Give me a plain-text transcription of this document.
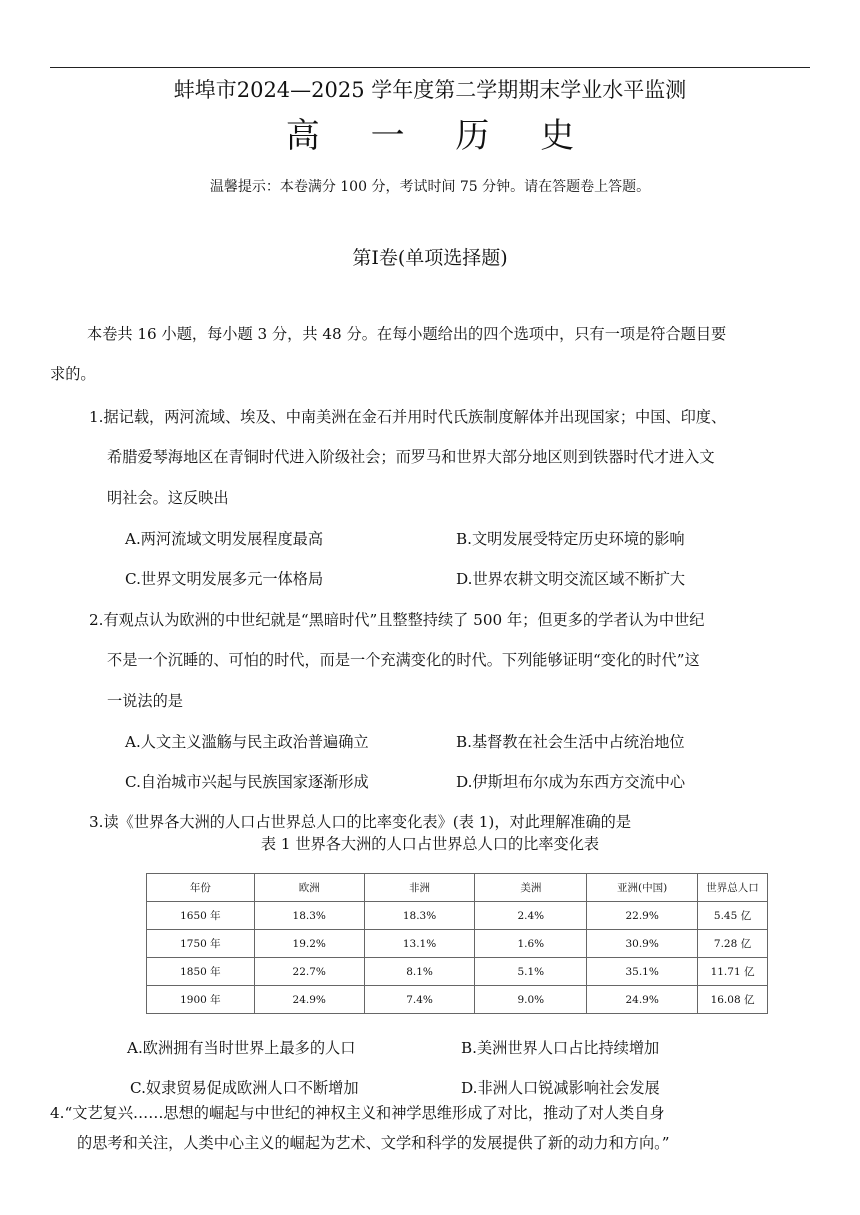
蚌埠市2024—2025 学年度第二学期期末学业水平监测
高 一 历 史
温馨提示：本卷满分 100 分，考试时间 75 分钟。请在答题卷上答题。
第Ⅰ卷(单项选择题)
本卷共 16 小题，每小题 3 分，共 48 分。在每小题给出的四个选项中，只有一项是符合题目要
求的。
1.据记载，两河流域、埃及、中南美洲在金石并用时代氏族制度解体并出现国家；中国、印度、
希腊爱琴海地区在青铜时代进入阶级社会；而罗马和世界大部分地区则到铁器时代才进入文
明社会。这反映出
A.两河流域文明发展程度最高	B.文明发展受特定历史环境的影响
C.世界文明发展多元一体格局	D.世界农耕文明交流区域不断扩大
2.有观点认为欧洲的中世纪就是“黑暗时代”且整整持续了 500 年；但更多的学者认为中世纪
不是一个沉睡的、可怕的时代，而是一个充满变化的时代。下列能够证明“变化的时代”这
一说法的是
A.人文主义滥觞与民主政治普遍确立	B.基督教在社会生活中占统治地位
C.自治城市兴起与民族国家逐渐形成	D.伊斯坦布尔成为东西方交流中心
3.读《世界各大洲的人口占世界总人口的比率变化表》(表 1)，对此理解准确的是
表 1 世界各大洲的人口占世界总人口的比率变化表
年份	欧洲	非洲	美洲	亚洲(中国)	世界总人口
1650 年	18.3%	18.3%	2.4%	22.9%	5.45 亿
1750 年	19.2%	13.1%	1.6%	30.9%	7.28 亿
1850 年	22.7%	8.1%	5.1%	35.1%	11.71 亿
1900 年	24.9%	7.4%	9.0%	24.9%	16.08 亿
A.欧洲拥有当时世界上最多的人口	B.美洲世界人口占比持续增加
C.奴隶贸易促成欧洲人口不断增加	D.非洲人口锐减影响社会发展
4.“文艺复兴……思想的崛起与中世纪的神权主义和神学思维形成了对比，推动了对人类自身
的思考和关注，人类中心主义的崛起为艺术、文学和科学的发展提供了新的动力和方向。”
